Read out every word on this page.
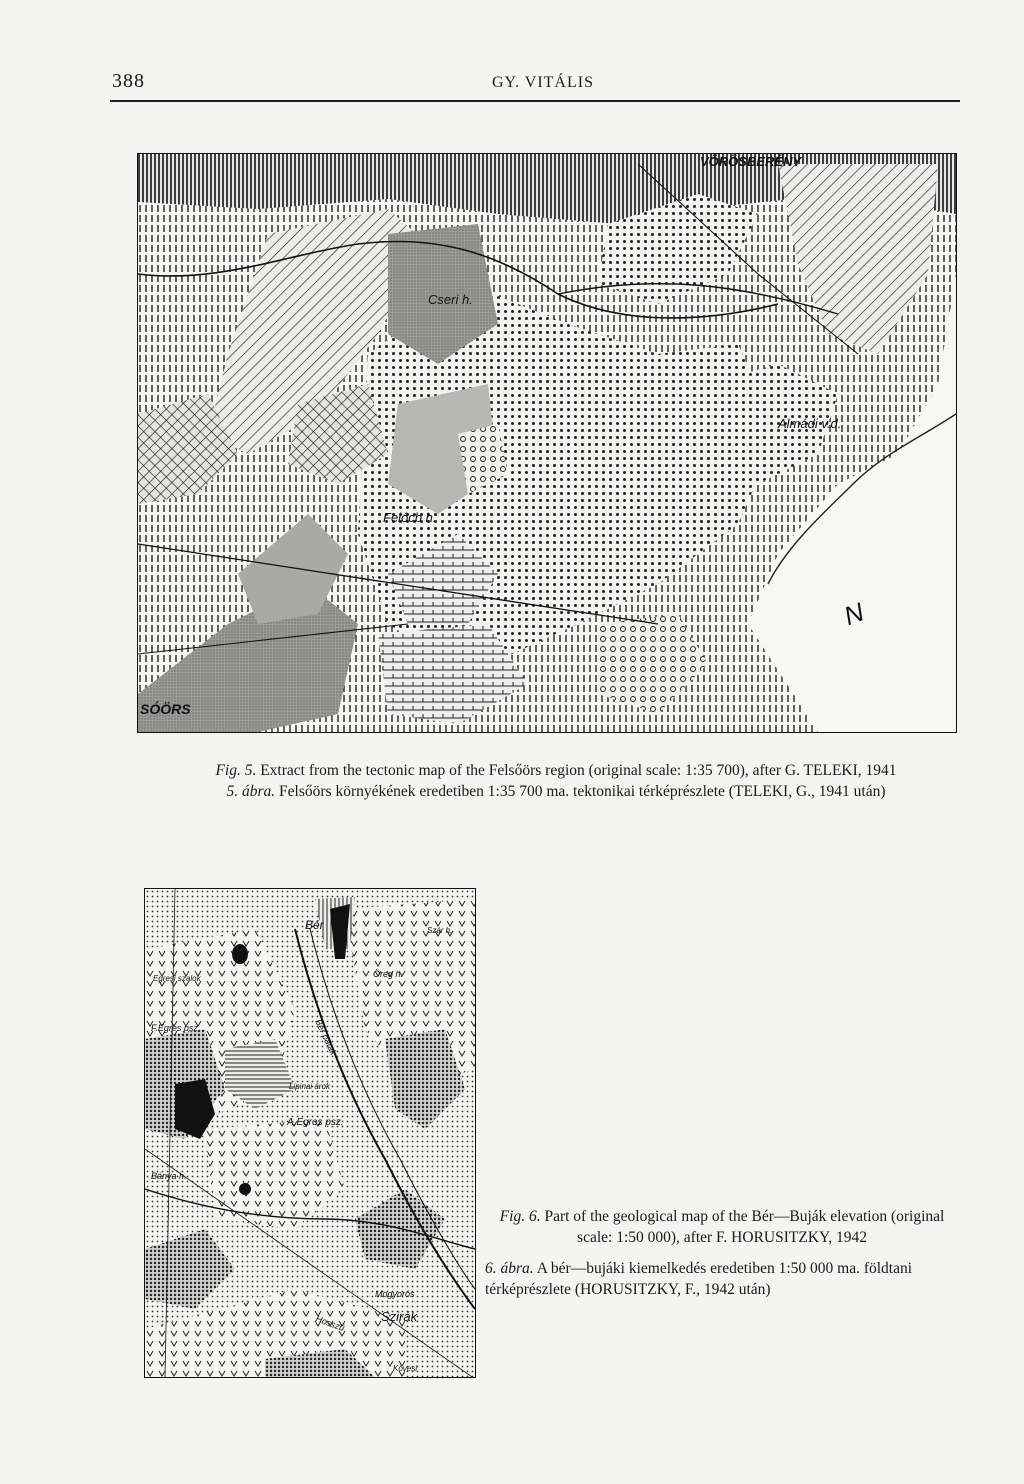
388	GY. VITÁLIS
VÖRÖSBERÉNY
Almádi v.d.
Cseri h.
Felócb h.
SÓÖRS
N
Fig. 5. Extract from the tectonic map of the Felsőörs region (original scale: 1:35 700), after G. TELEKI, 1941
5. ábra. Felsőörs környékének eredetiben 1:35 700 ma. tektonikai térképrészlete (TELEKI, G., 1941 után)
Bér	Szár h.
Egresi szalok
F.Egres psz.
Öreg h.
Bér patak
Lipinai árok
A.Egres psz.
Bánya h.
Mogyorós
Hosszú	Szirák
Kövesi
Fig. 6. Part of the geological map of the Bér—Buják elevation (original scale: 1:50 000), after F. HORUSITZKY, 1942
6. ábra. A bér—bujáki kiemelkedés eredetiben 1:50 000 ma. földtani térképrészlete (HORUSITZKY, F., 1942 után)
